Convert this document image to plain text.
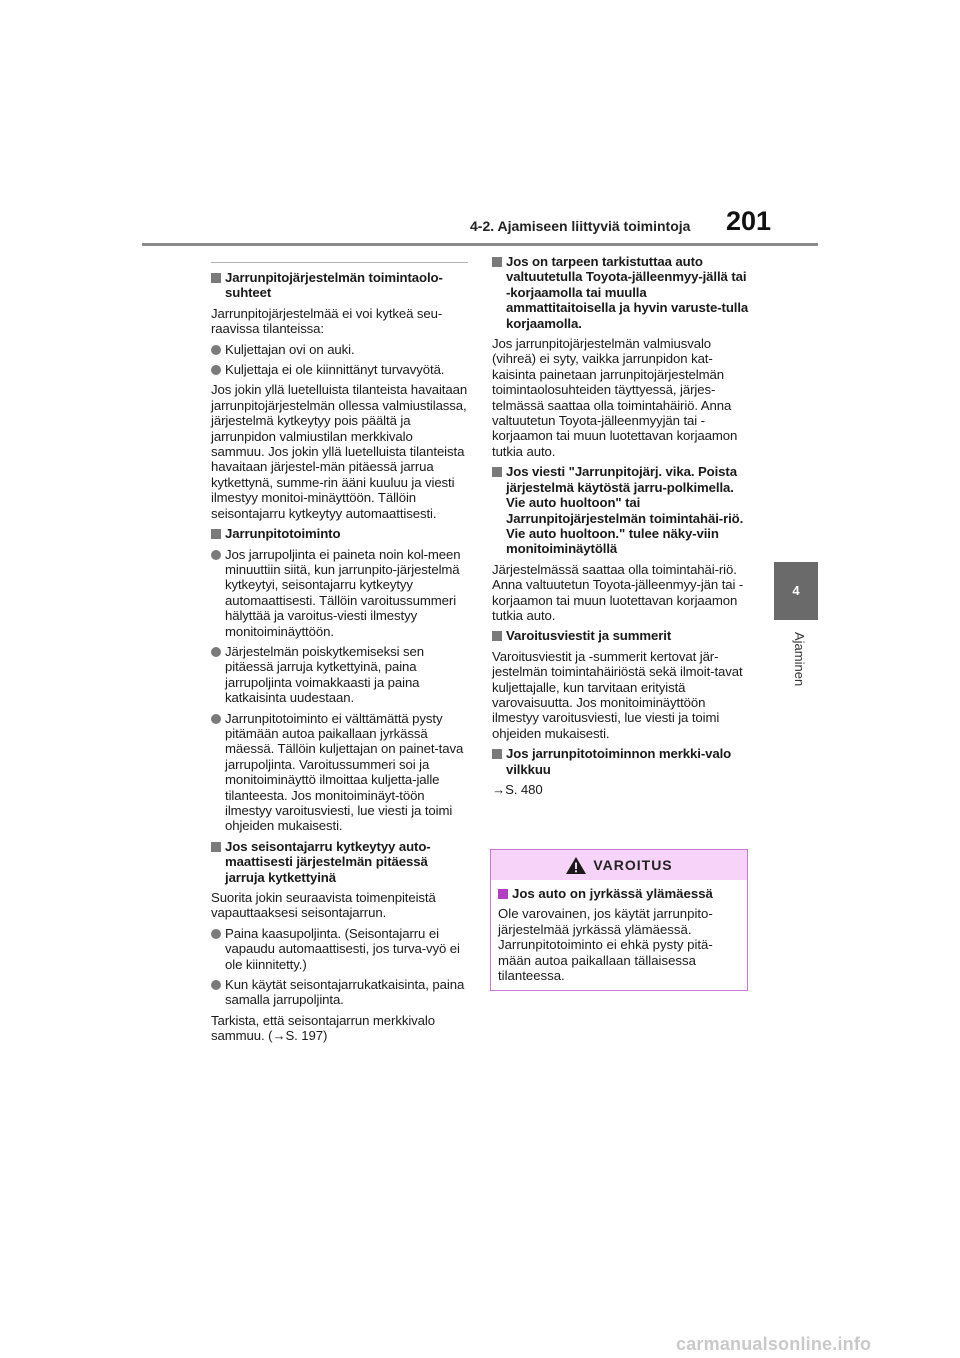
4-2. Ajamiseen liittyviä toimintoja	201
4
Ajaminen
Jarrunpitojärjestelmän toimintaolo-suhteet

Jarrunpitojärjestelmää ei voi kytkeä seu-raavissa tilanteissa:

Kuljettajan ovi on auki.
Kuljettaja ei ole kiinnittänyt turvavyötä.

Jos jokin yllä luetelluista tilanteista havaitaan jarrunpitojärjestelmän ollessa valmiustilassa, järjestelmä kytkeytyy pois päältä ja jarrunpidon valmiustilan merkkivalo sammuu. Jos jokin yllä luetelluista tilanteista havaitaan järjestel-män pitäessä jarrua kytkettynä, summe-rin ääni kuuluu ja viesti ilmestyy monitoi-minäyttöön. Tällöin seisontajarru kytkeytyy automaattisesti.

Jarrunpitotoiminto
Jos jarrupoljinta ei paineta noin kol-meen minuuttiin siitä, kun jarrunpito-järjestelmä kytkeytyi, seisontajarru kytkeytyy automaattisesti. Tällöin varoitussummeri hälyttää ja varoitus-viesti ilmestyy monitoiminäyttöön.
Järjestelmän poiskytkemiseksi sen pitäessä jarruja kytkettyinä, paina jarrupoljinta voimakkaasti ja paina katkaisinta uudestaan.
Jarrunpitotoiminto ei välttämättä pysty pitämään autoa paikallaan jyrkässä mäessä. Tällöin kuljettajan on painet-tava jarrupoljinta. Varoitussummeri soi ja monitoiminäyttö ilmoittaa kuljetta-jalle tilanteesta. Jos monitoiminäyt-töön ilmestyy varoitusviesti, lue viesti ja toimi ohjeiden mukaisesti.
Jos seisontajarru kytkeytyy auto-maattisesti järjestelmän pitäessä jarruja kytkettyinä

Suorita jokin seuraavista toimenpiteistä vapauttaaksesi seisontajarrun.

Paina kaasupoljinta. (Seisontajarru ei vapaudu automaattisesti, jos turva-vyö ei ole kiinnitetty.)
Kun käytät seisontajarrukatkaisinta, paina samalla jarrupoljinta.

Tarkista, että seisontajarrun merkkivalo sammuu. (→S. 197)

Jos on tarpeen tarkistuttaa auto valtuutetulla Toyota-jälleenmyy-jällä tai -korjaamolla tai muulla ammattitaitoisella ja hyvin varuste-tulla korjaamolla.

Jos jarrunpitojärjestelmän valmiusvalo (vihreä) ei syty, vaikka jarrunpidon kat-kaisinta painetaan jarrunpitojärjestelmän toimintaolosuhteiden täyttyessä, järjes-telmässä saattaa olla toimintahäiriö. Anna valtuutetun Toyota-jälleenmyyjän tai -korjaamon tai muun luotettavan korjaamon tutkia auto.

Jos viesti "Jarrunpitojärj. vika. Poista järjestelmä käytöstä jarru-polkimella. Vie auto huoltoon" tai Jarrunpitojärjestelmän toimintahäi-riö. Vie auto huoltoon." tulee näky-viin monitoiminäytöllä

Järjestelmässä saattaa olla toimintahäi-riö. Anna valtuutetun Toyota-jälleenmyy-jän tai -korjaamon tai muun luotettavan korjaamon tutkia auto.

Varoitusviestit ja summerit

Varoitusviestit ja -summerit kertovat jär-jestelmän toimintahäiriöstä sekä ilmoit-tavat kuljettajalle, kun tarvitaan erityistä varovaisuutta. Jos monitoiminäyttöön ilmestyy varoitusviesti, lue viesti ja toimi ohjeiden mukaisesti.

Jos jarrunpitotoiminnon merkki-valo vilkkuu

→S. 480

VAROITUS
Jos auto on jyrkässä ylämäessä

Ole varovainen, jos käytät jarrunpito-järjestelmää jyrkässä ylämäessä. Jarrunpitotoiminto ei ehkä pysty pitä-mään autoa paikallaan tällaisessa tilanteessa.

carmanualsonline.info
